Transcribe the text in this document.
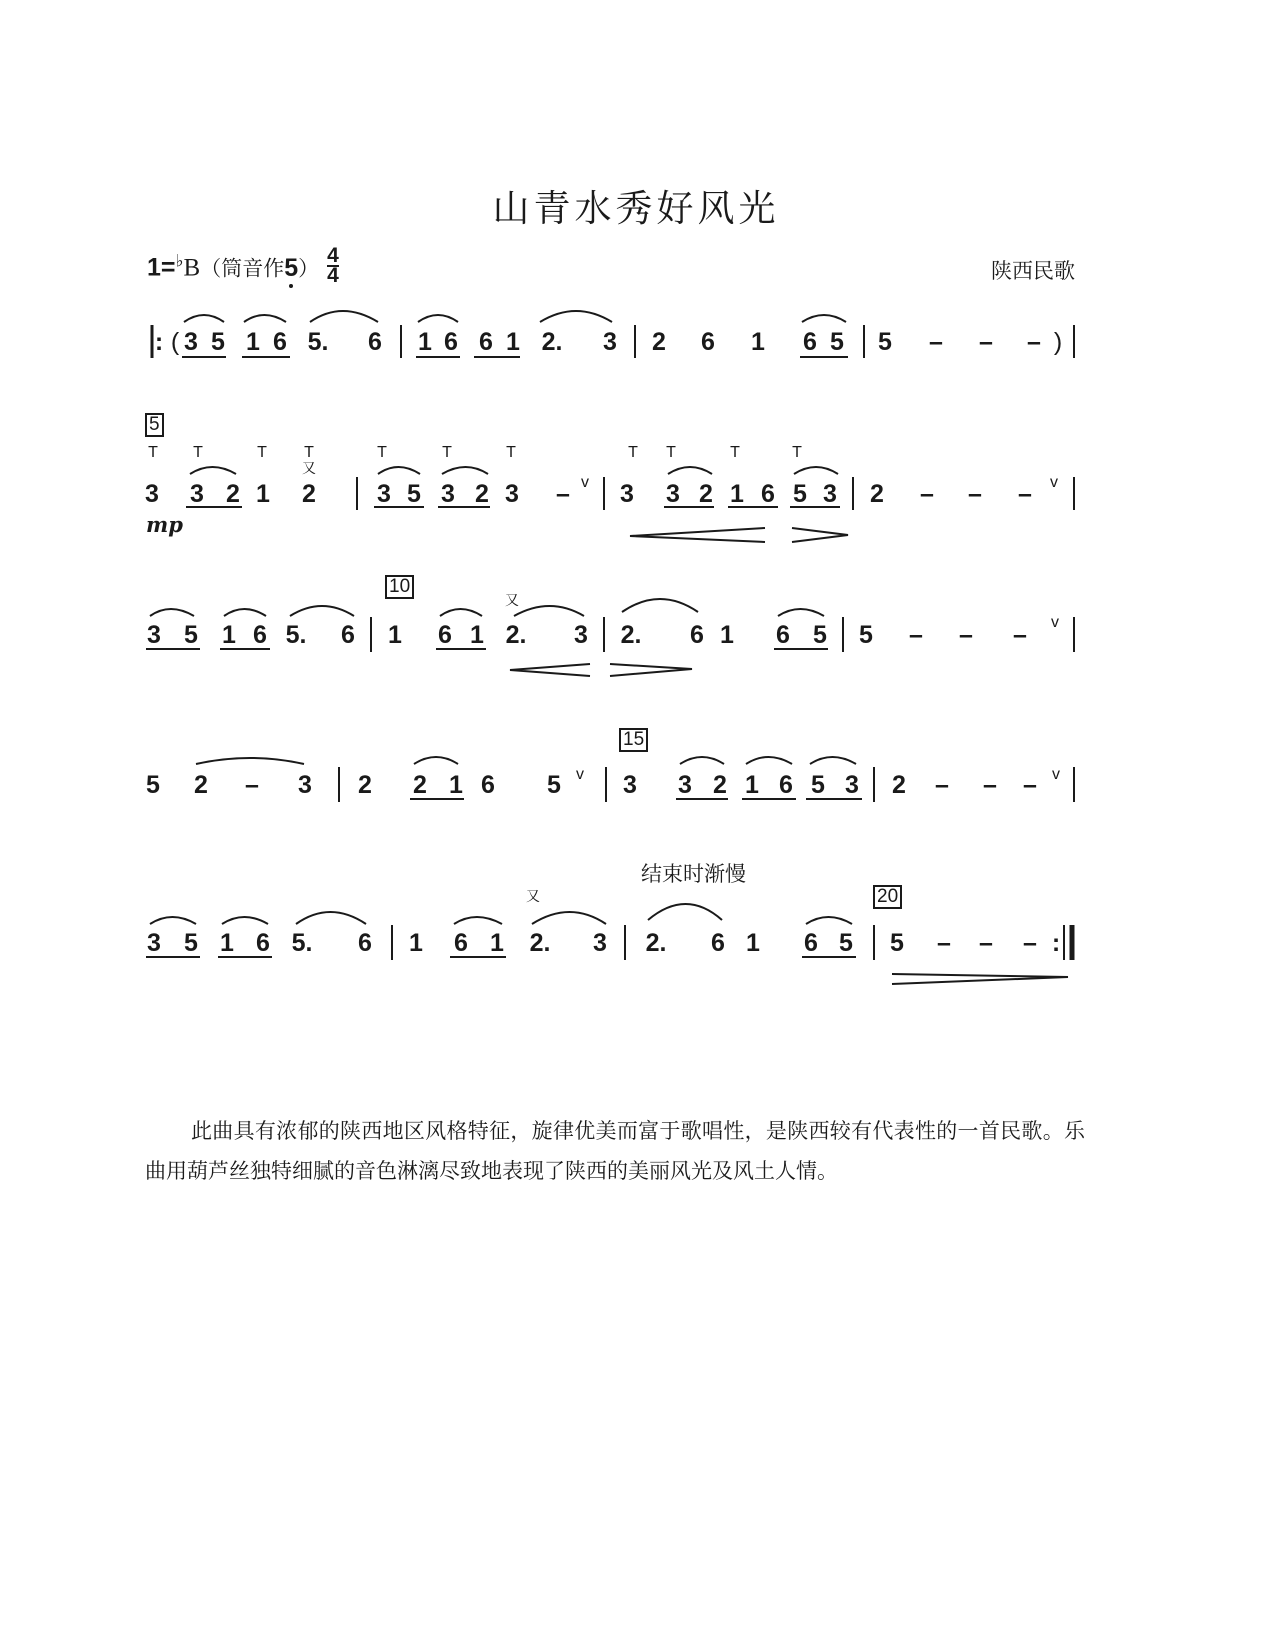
山青水秀好风光
1=♭B（筒音作5
） $\frac{4}{4}$	陕西民歌
: ( 3 5 1 6 5. 6 1 6 6 1 2. 3 2 6 1 6 5 5 – – – )
5
T T	T T
又
T	T	T	T T	T	T
3 3 2 1 2 3 5 3 2 3 – v 3 3 2 1 6 5 3 2 – – – v
mp
10
又
3 5 1 6 5. 6 1 6 1 2. 3 2. 6 1 6 5 5 – – – v
15
5 2 – 3 2 2 1 6 5 v 3 3 2 1 6 5 3 2 – – – v
结束时渐慢
20
又
3 5 1 6 5. 6 1 6 1 2. 3 2. 6 1 6 5 5 – – – :

此曲具有浓郁的陕西地区风格特征，旋律优美而富于歌唱性，是陕西较有代表性的一首民歌。乐曲用葫芦丝独特细腻的音色淋漓尽致地表现了陕西的美丽风光及风土人情。
